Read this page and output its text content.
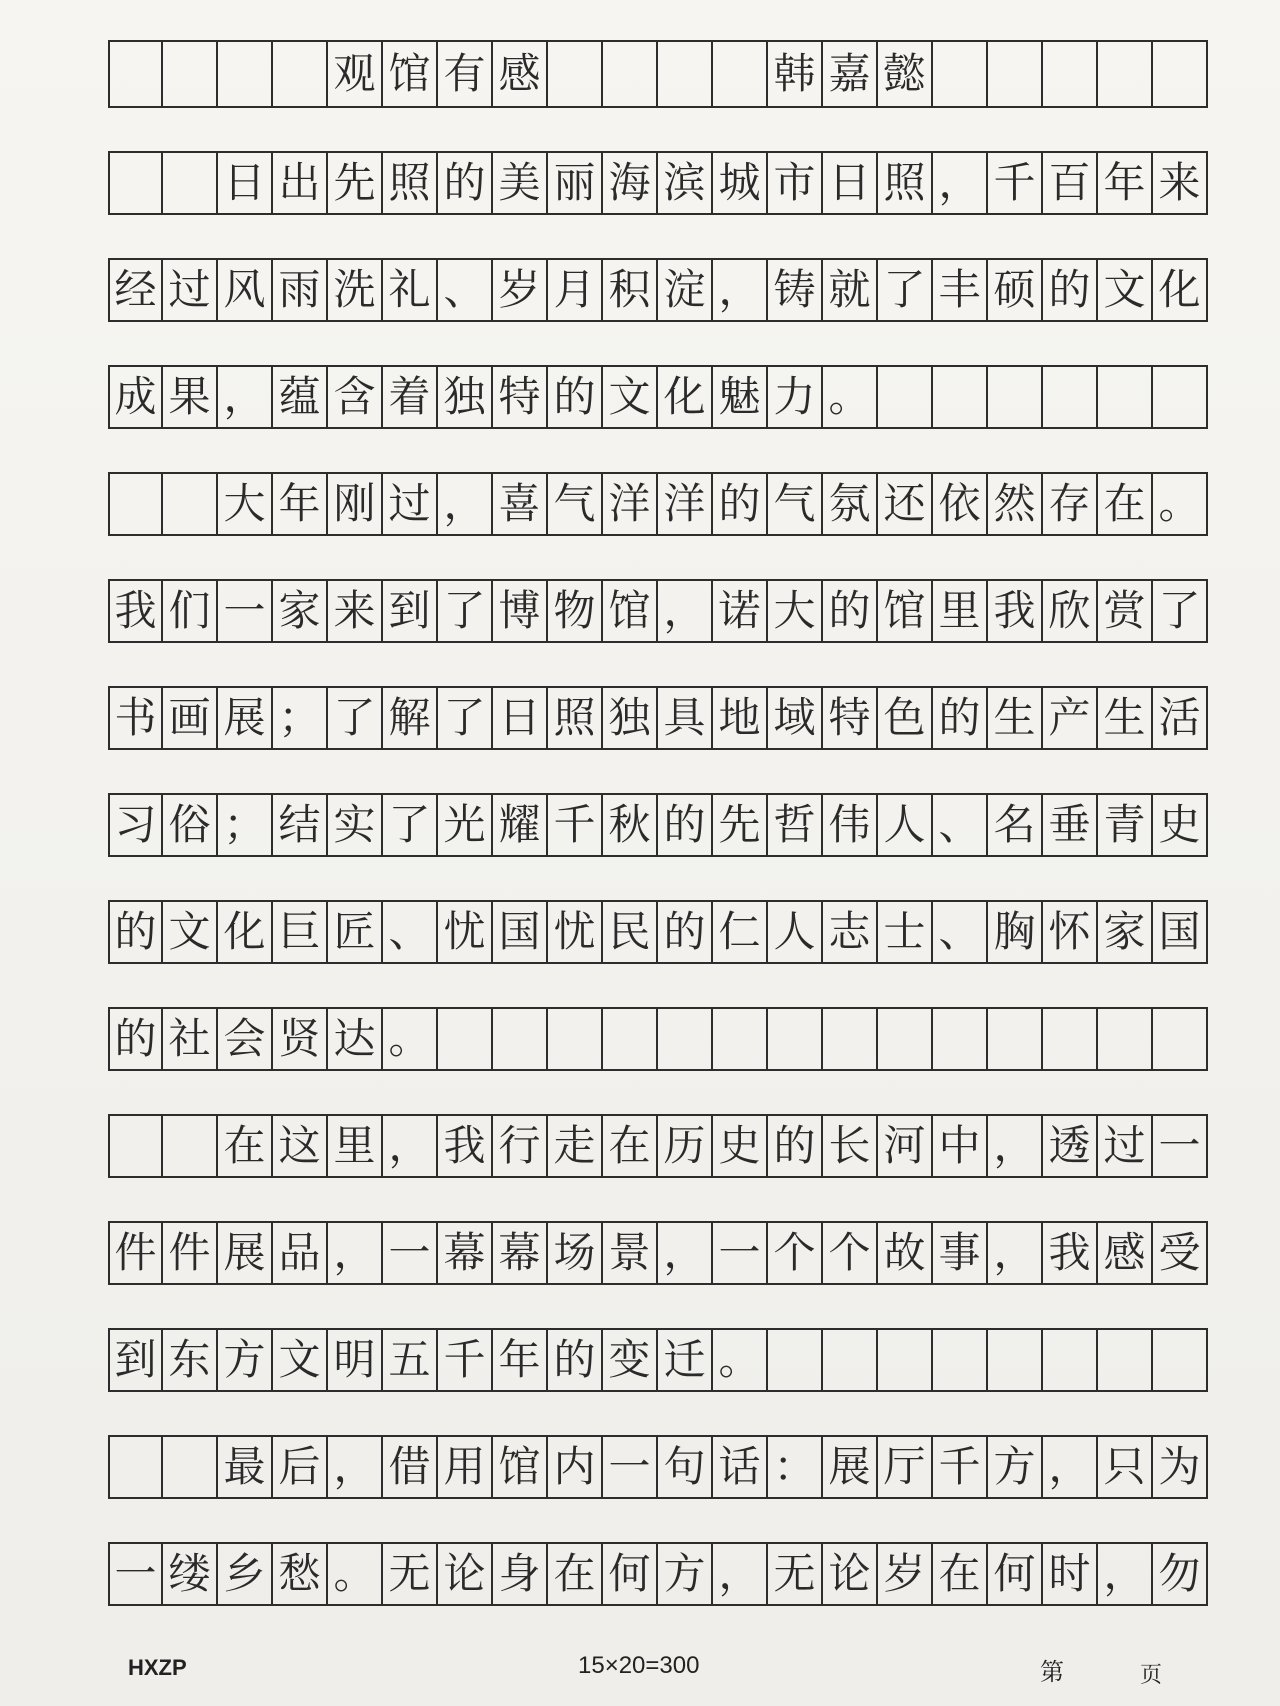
观 馆 有 感	韩 嘉 懿
日 出 先 照 的 美 丽 海 滨 城 市 日 照 ， 千 百 年 来
经 过 风 雨 洗 礼 、 岁 月 积 淀 ， 铸 就 了 丰 硕 的 文 化
成 果 ， 蕴 含 着 独 特 的 文 化 魅 力 。
大 年 刚 过 ， 喜 气 洋 洋 的 气 氛 还 依 然 存 在 。
我 们 一 家 来 到 了 博 物 馆 ， 诺 大 的 馆 里 我 欣 赏 了
书 画 展 ； 了 解 了 日 照 独 具 地 域 特 色 的 生 产 生 活
习 俗 ； 结 实 了 光 耀 千 秋 的 先 哲 伟 人 、 名 垂 青 史
的 文 化 巨 匠 、 忧 国 忧 民 的 仁 人 志 士 、 胸 怀 家 国
的 社 会 贤 达 。
在 这 里 ， 我 行 走 在 历 史 的 长 河 中 ， 透 过 一
件 件 展 品 ， 一 幕 幕 场 景 ， 一 个 个 故 事 ， 我 感 受
到 东 方 文 明 五 千 年 的 变 迁 。
最 后 ， 借 用 馆 内 一 句 话 ： 展 厅 千 方 ， 只 为
一 缕 乡 愁 。 无 论 身 在 何 方 ， 无 论 岁 在 何 时 ， 勿
HXZP	15×20=300	第	页
